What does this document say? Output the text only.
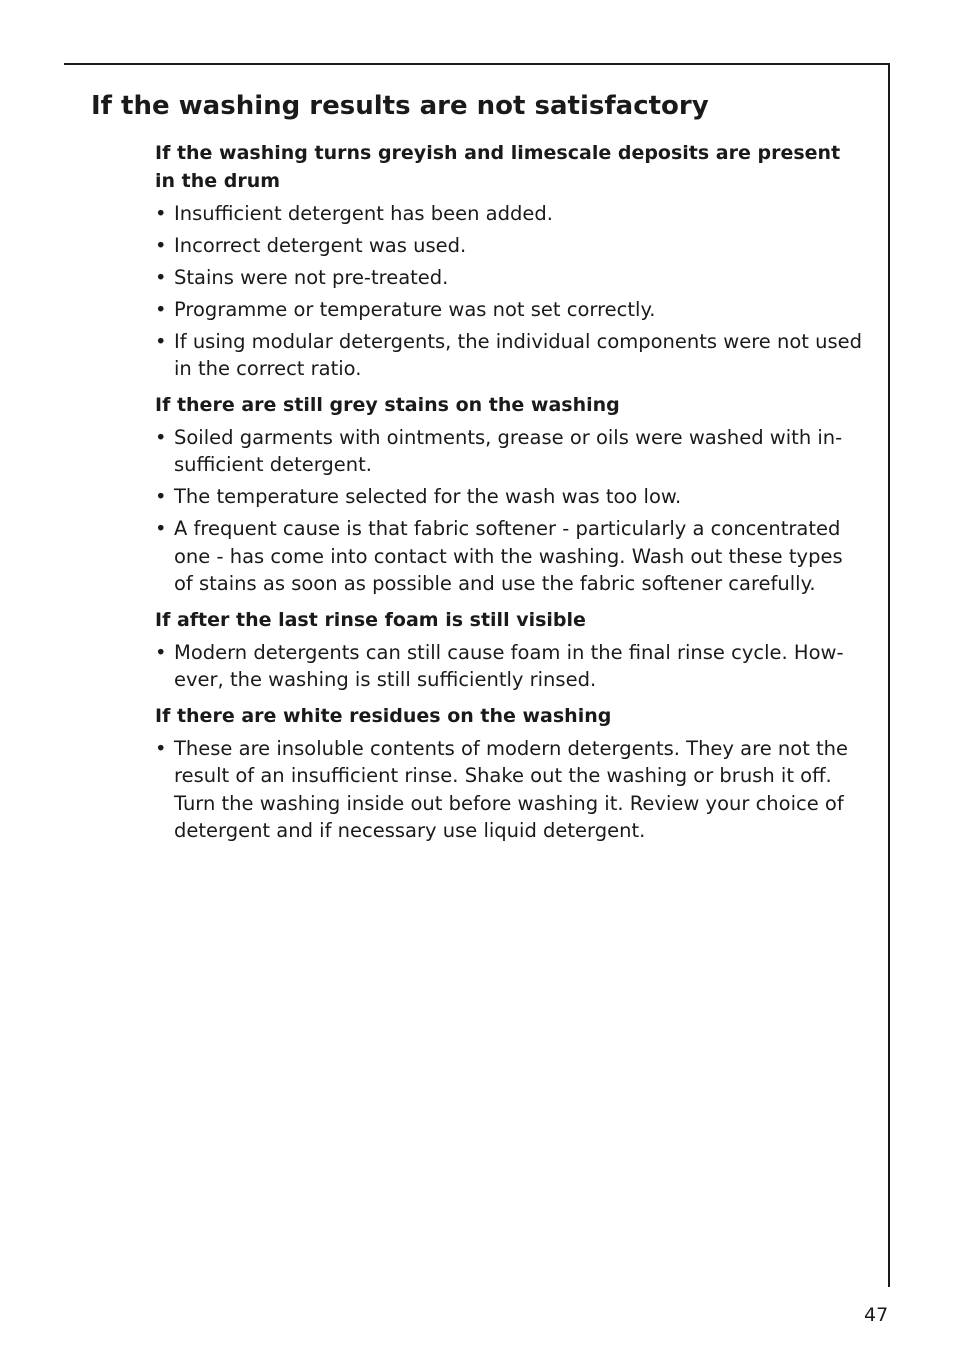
If the washing results are not satisfactory
If the washing turns greyish and limescale deposits are present in the drum
• Insufficient detergent has been added.
• Incorrect detergent was used.
• Stains were not pre-treated.
• Programme or temperature was not set correctly.
• If using modular detergents, the individual components were not used in the correct ratio.
If there are still grey stains on the washing
• Soiled garments with ointments, grease or oils were washed with insufficient detergent.
• The temperature selected for the wash was too low.
• A frequent cause is that fabric softener - particularly a concentrated one - has come into contact with the washing. Wash out these types of stains as soon as possible and use the fabric softener carefully.
If after the last rinse foam is still visible
• Modern detergents can still cause foam in the final rinse cycle. However, the washing is still sufficiently rinsed.
If there are white residues on the washing
• These are insoluble contents of modern detergents. They are not the result of an insufficient rinse. Shake out the washing or brush it off. Turn the washing inside out before washing it. Review your choice of detergent and if necessary use liquid detergent.
47
